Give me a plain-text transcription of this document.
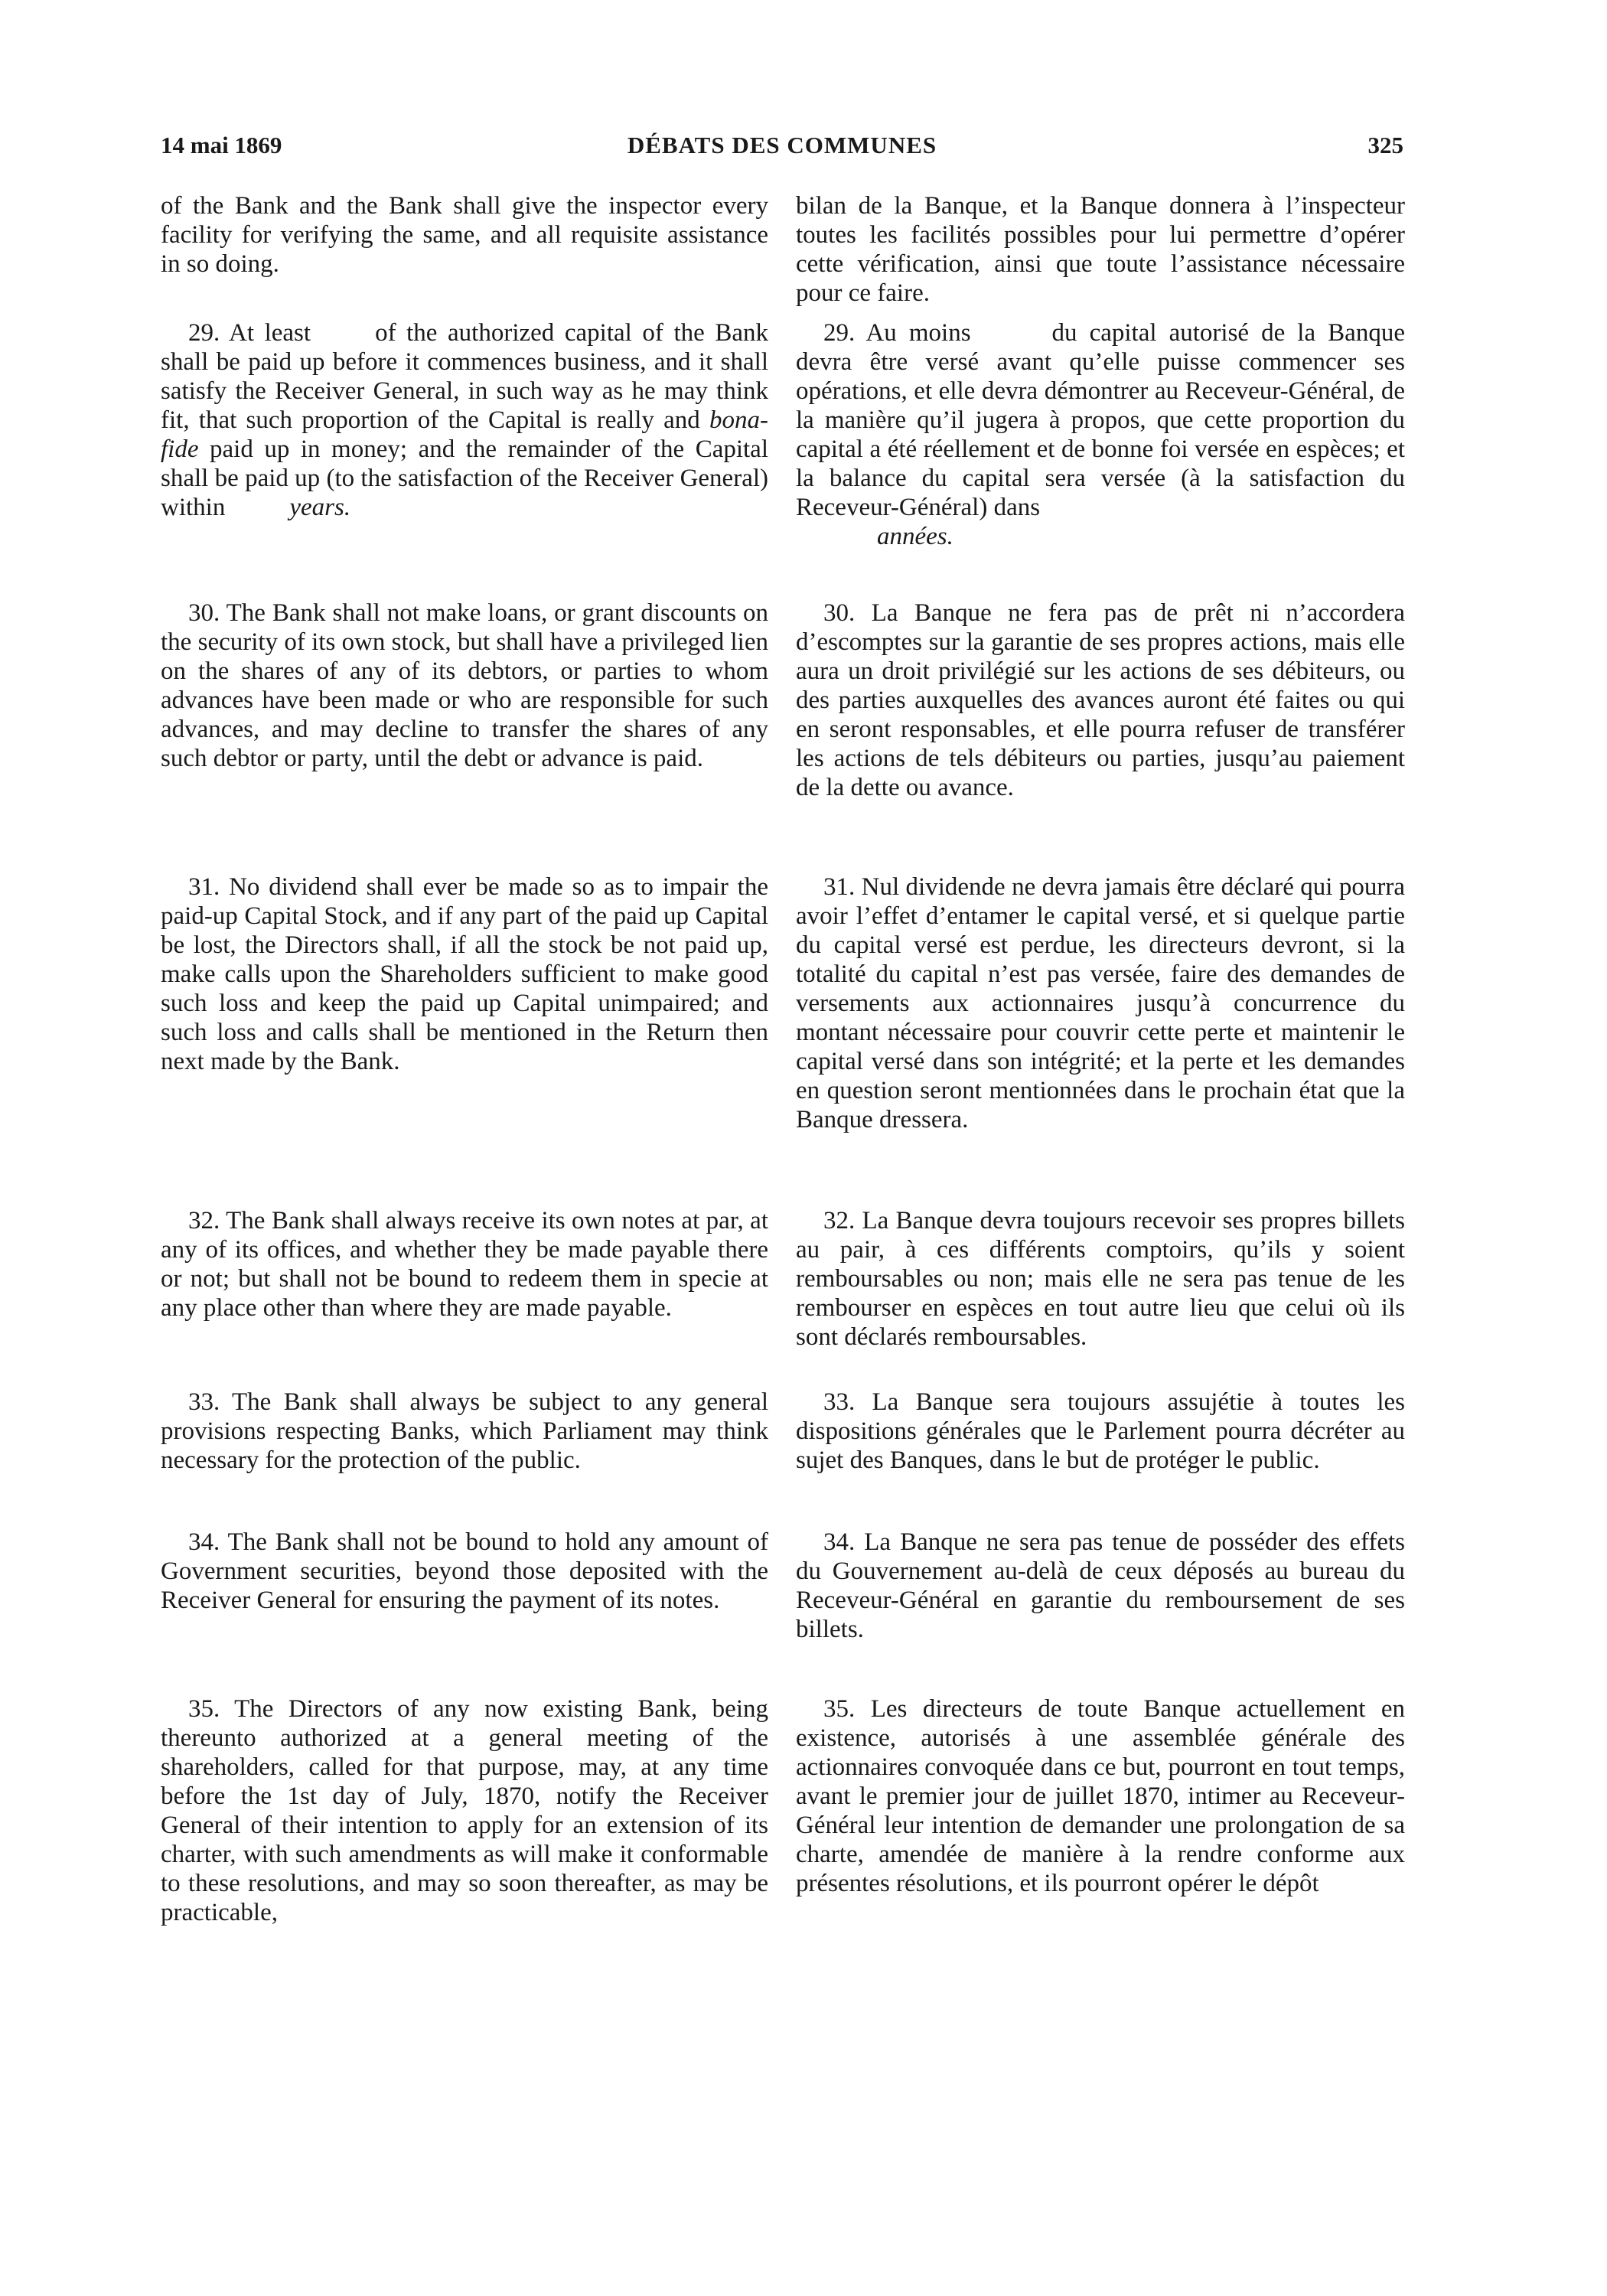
14 mai 1869	DÉBATS DES COMMUNES	325

of the Bank and the Bank shall give the inspector every facility for verifying the same, and all requisite assistance in so doing.

29. At least	of the authorized capital of the Bank shall be paid up before it commences business, and it shall satisfy the Receiver General, in such way as he may think fit, that such proportion of the Capital is really and bona-fide paid up in money; and the remainder of the Capital shall be paid up (to the satisfaction of the Receiver General) within	years.

30. The Bank shall not make loans, or grant discounts on the security of its own stock, but shall have a privileged lien on the shares of any of its debtors, or parties to whom advances have been made or who are responsible for such advances, and may decline to transfer the shares of any such debtor or party, until the debt or advance is paid.

31. No dividend shall ever be made so as to impair the paid-up Capital Stock, and if any part of the paid up Capital be lost, the Directors shall, if all the stock be not paid up, make calls upon the Shareholders sufficient to make good such loss and keep the paid up Capital unimpaired; and such loss and calls shall be mentioned in the Return then next made by the Bank.

32. The Bank shall always receive its own notes at par, at any of its offices, and whether they be made payable there or not; but shall not be bound to redeem them in specie at any place other than where they are made payable.

33. The Bank shall always be subject to any general provisions respecting Banks, which Parliament may think necessary for the protection of the public.

34. The Bank shall not be bound to hold any amount of Government securities, beyond those deposited with the Receiver General for ensuring the payment of its notes.

35. The Directors of any now existing Bank, being thereunto authorized at a general meeting of the shareholders, called for that purpose, may, at any time before the 1st day of July, 1870, notify the Receiver General of their intention to apply for an extension of its charter, with such amendments as will make it conformable to these resolutions, and may so soon thereafter, as may be practicable,

bilan de la Banque, et la Banque donnera à l’inspecteur toutes les facilités possibles pour lui permettre d’opérer cette vérification, ainsi que toute l’assistance nécessaire pour ce faire.

29. Au moins	du capital autorisé de la Banque devra être versé avant qu’elle puisse commencer ses opérations, et elle devra démontrer au Receveur-Général, de la manière qu’il jugera à propos, que cette proportion du capital a été réellement et de bonne foi versée en espèces; et la balance du capital sera versée (à la satisfaction du Receveur-Général) dans
années.

30. La Banque ne fera pas de prêt ni n’accordera d’escomptes sur la garantie de ses propres actions, mais elle aura un droit privilégié sur les actions de ses débiteurs, ou des parties auxquelles des avances auront été faites ou qui en seront responsables, et elle pourra refuser de transférer les actions de tels débiteurs ou parties, jusqu’au paiement de la dette ou avance.

31. Nul dividende ne devra jamais être déclaré qui pourra avoir l’effet d’entamer le capital versé, et si quelque partie du capital versé est perdue, les directeurs devront, si la totalité du capital n’est pas versée, faire des demandes de versements aux actionnaires jusqu’à concurrence du montant nécessaire pour couvrir cette perte et maintenir le capital versé dans son intégrité; et la perte et les demandes en question seront mentionnées dans le prochain état que la Banque dressera.

32. La Banque devra toujours recevoir ses propres billets au pair, à ces différents comptoirs, qu’ils y soient remboursables ou non; mais elle ne sera pas tenue de les rembourser en espèces en tout autre lieu que celui où ils sont déclarés remboursables.

33. La Banque sera toujours assujétie à toutes les dispositions générales que le Parlement pourra décréter au sujet des Banques, dans le but de protéger le public.

34. La Banque ne sera pas tenue de posséder des effets du Gouvernement au-delà de ceux déposés au bureau du Receveur-Général en garantie du remboursement de ses billets.

35. Les directeurs de toute Banque actuellement en existence, autorisés à une assemblée générale des actionnaires convoquée dans ce but, pourront en tout temps, avant le premier jour de juillet 1870, intimer au Receveur-Général leur intention de demander une prolongation de sa charte, amendée de manière à la rendre conforme aux présentes résolutions, et ils pourront opérer le dépôt
